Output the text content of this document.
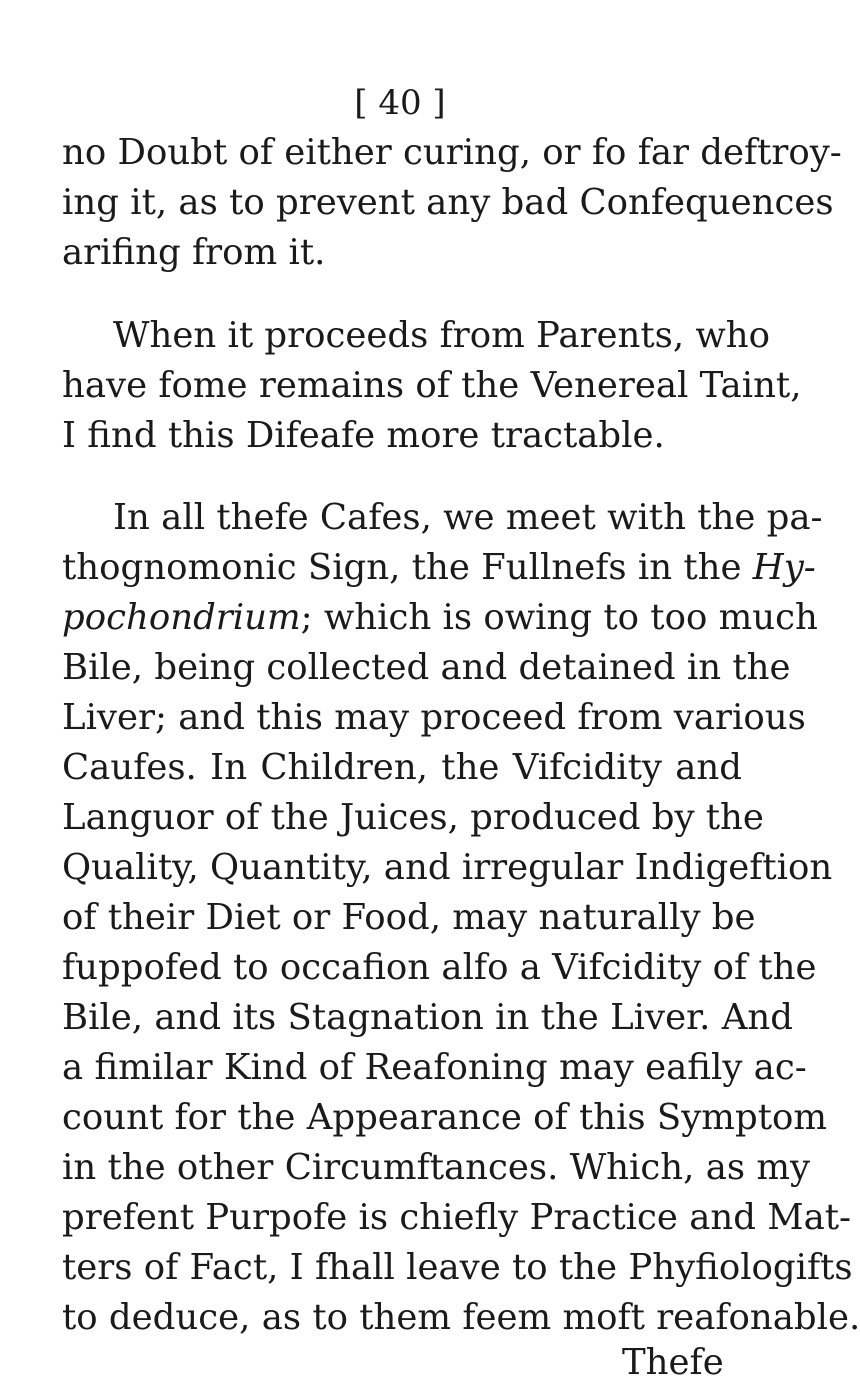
[ 40 ]
no Doubt of either curing, or fo far deftroy-
ing it, as to prevent any bad Confequences
arifing from it.
When it proceeds from Parents, who
have fome remains of the Venereal Taint,
I find this Difeafe more tractable.
In all thefe Cafes, we meet with the pa-
thognomonic Sign, the Fullnefs in the Hy-
pochondrium; which is owing to too much
Bile, being collected and detained in the
Liver; and this may proceed from various
Caufes. In Children, the Vifcidity and
Languor of the Juices, produced by the
Quality, Quantity, and irregular Indigeftion
of their Diet or Food, may naturally be
fuppofed to occafion alfo a Vifcidity of the
Bile, and its Stagnation in the Liver. And
a fimilar Kind of Reafoning may eafily ac-
count for the Appearance of this Symptom
in the other Circumftances. Which, as my
prefent Purpofe is chiefly Practice and Mat-
ters of Fact, I fhall leave to the Phyfiologifts
to deduce, as to them feem moft reafonable.
Thefe
